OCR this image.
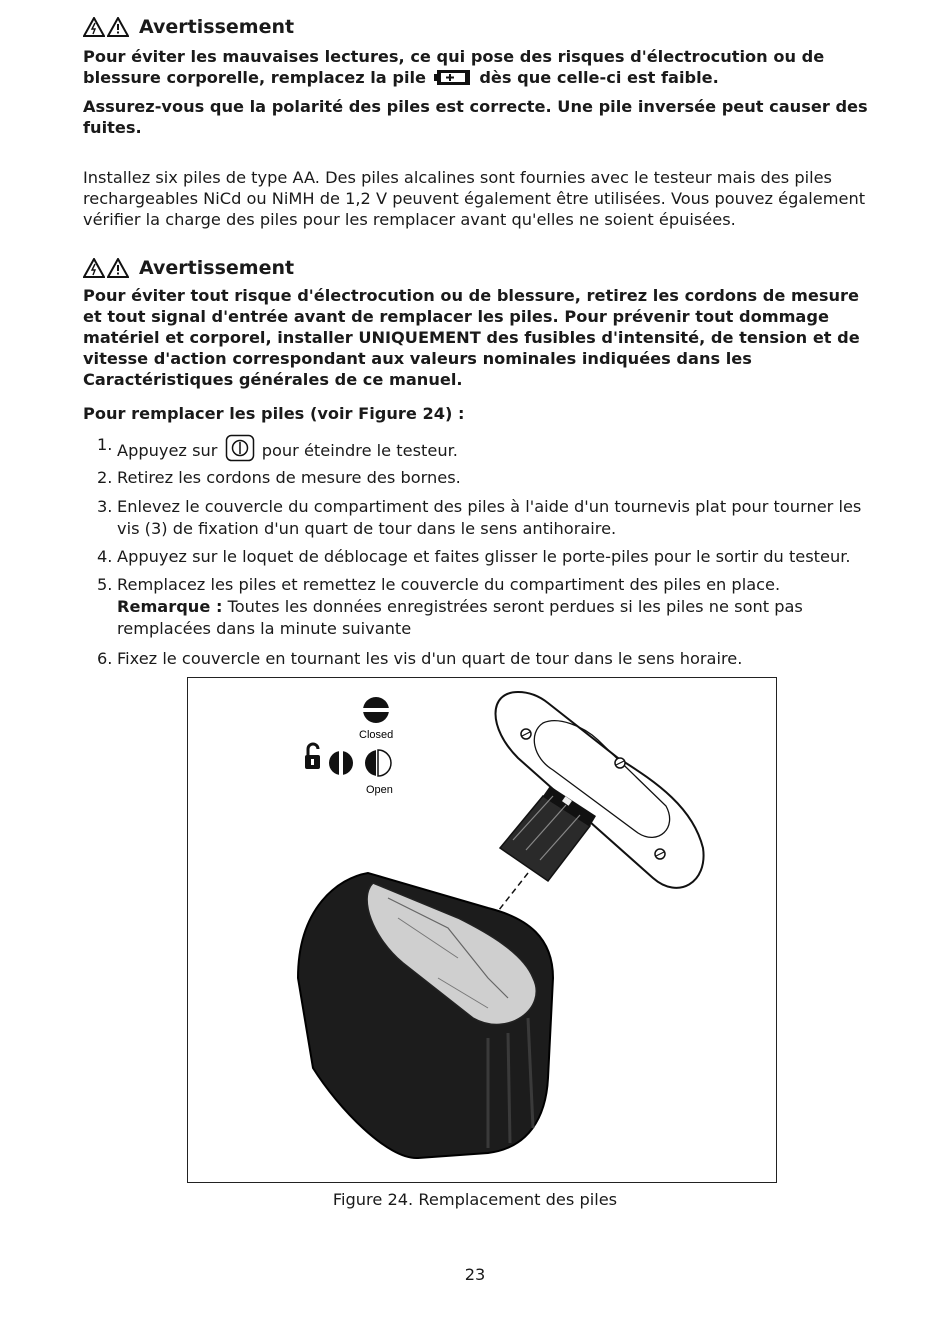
Avertissement

Pour éviter les mauvaises lectures, ce qui pose des risques d'électrocution ou de blessure corporelle, remplacez la pile	dès que celle-ci est faible.

Assurez-vous que la polarité des piles est correcte. Une pile inversée peut causer des fuites.

Installez six piles de type AA. Des piles alcalines sont fournies avec le testeur mais des piles rechargeables NiCd ou NiMH de 1,2 V peuvent également être utilisées. Vous pouvez également vérifier la charge des piles pour les remplacer avant qu'elles ne soient épuisées.

Avertissement

Pour éviter tout risque d'électrocution ou de blessure, retirez les cordons de mesure et tout signal d'entrée avant de remplacer les piles. Pour prévenir tout dommage matériel et corporel, installer UNIQUEMENT des fusibles d'intensité, de tension et de vitesse d'action correspondant aux valeurs nominales indiquées dans les Caractéristiques générales de ce manuel.

Pour remplacer les piles (voir Figure 24) :

1. Appuyez sur	pour éteindre le testeur.
2. Retirez les cordons de mesure des bornes.
3. Enlevez le couvercle du compartiment des piles à l'aide d'un tournevis plat pour tourner les vis (3) de fixation d'un quart de tour dans le sens antihoraire.
4. Appuyez sur le loquet de déblocage et faites glisser le porte-piles pour le sortir du testeur.
5. Remplacez les piles et remettez le couvercle du compartiment des piles en place.
Remarque : Toutes les données enregistrées seront perdues si les piles ne sont pas remplacées dans la minute suivante
6. Fixez le couvercle en tournant les vis d'un quart de tour dans le sens horaire.
Closed
Open
Figure 24. Remplacement des piles
23
